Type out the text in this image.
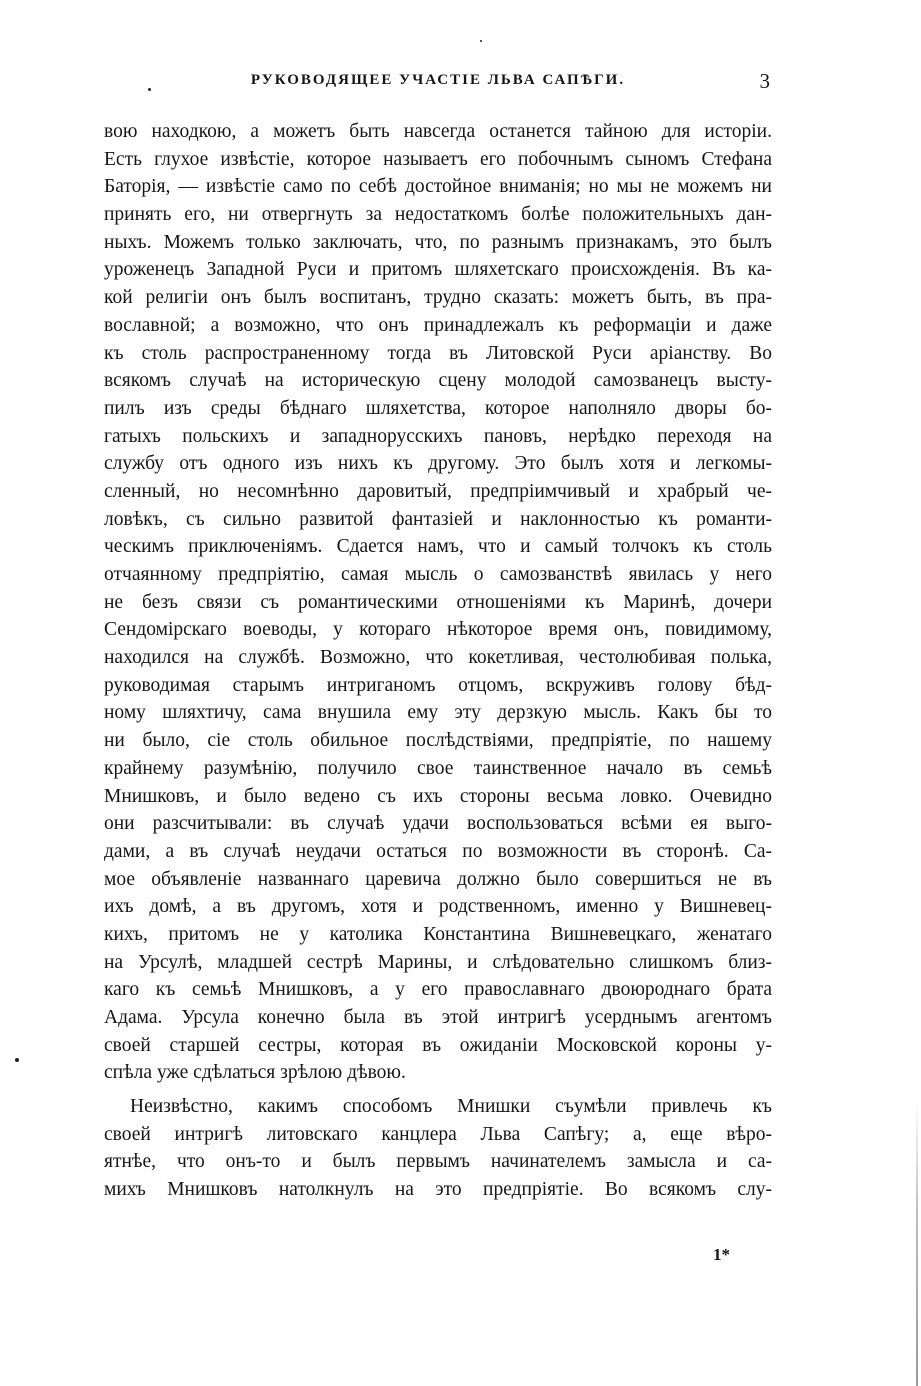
РУКОВОДЯЩЕЕ УЧАСТІЕ ЛЬВА САПѢГИ.	3
вою находкою, а можетъ быть навсегда останется тайною для исторіи.
Есть глухое извѣстіе, которое называетъ его побочнымъ сыномъ Стефана
Баторія, — извѣстіе само по себѣ достойное вниманія; но мы не можемъ ни
принять его, ни отвергнуть за недостаткомъ болѣе положительныхъ дан-
ныхъ. Можемъ только заключать, что, по разнымъ признакамъ, это былъ
уроженецъ Западной Руси и притомъ шляхетскаго происхожденія. Въ ка-
кой религіи онъ былъ воспитанъ, трудно сказать: можетъ быть, въ пра-
вославной; а возможно, что онъ принадлежалъ къ реформаціи и даже
къ столь распространенному тогда въ Литовской Руси аріанству. Во
всякомъ случаѣ на историческую сцену молодой самозванецъ высту-
пилъ изъ среды бѣднаго шляхетства, которое наполняло дворы бо-
гатыхъ польскихъ и западнорусскихъ пановъ, нерѣдко переходя на
службу отъ одного изъ нихъ къ другому. Это былъ хотя и легкомы-
сленный, но несомнѣнно даровитый, предпріимчивый и храбрый че-
ловѣкъ, съ сильно развитой фантазіей и наклонностью къ романти-
ческимъ приключеніямъ. Сдается намъ, что и самый толчокъ къ столь
отчаянному предпріятію, самая мысль о самозванствѣ явилась у него
не безъ связи съ романтическими отношеніями къ Маринѣ, дочери
Сендомірскаго воеводы, у котораго нѣкоторое время онъ, повидимому,
находился на службѣ. Возможно, что кокетливая, честолюбивая полька,
руководимая старымъ интриганомъ отцомъ, вскруживъ голову бѣд-
ному шляхтичу, сама внушила ему эту дерзкую мысль. Какъ бы то
ни было, сіе столь обильное послѣдствіями, предпріятіе, по нашему
крайнему разумѣнію, получило свое таинственное начало въ семьѣ
Мнишковъ, и было ведено съ ихъ стороны весьма ловко. Очевидно
они разсчитывали: въ случаѣ удачи воспользоваться всѣми ея выго-
дами, а въ случаѣ неудачи остаться по возможности въ сторонѣ. Са-
мое объявленіе названнаго царевича должно было совершиться не въ
ихъ домѣ, а въ другомъ, хотя и родственномъ, именно у Вишневец-
кихъ, притомъ не у католика Константина Вишневецкаго, женатаго
на Урсулѣ, младшей сестрѣ Марины, и слѣдовательно слишкомъ близ-
каго къ семьѣ Мнишковъ, а у его православнаго двоюроднаго брата
Адама. Урсула конечно была въ этой интригѣ усерднымъ агентомъ
своей старшей сестры, которая въ ожиданіи Московской короны у-
спѣла уже сдѣлаться зрѣлою дѣвою.
Неизвѣстно, какимъ способомъ Мнишки съумѣли привлечь къ
своей интригѣ литовскаго канцлера Льва Сапѣгу; а, еще вѣро-
ятнѣе, что онъ-то и былъ первымъ начинателемъ замысла и са-
михъ Мнишковъ натолкнулъ на это предпріятіе. Во всякомъ слу-
1*
